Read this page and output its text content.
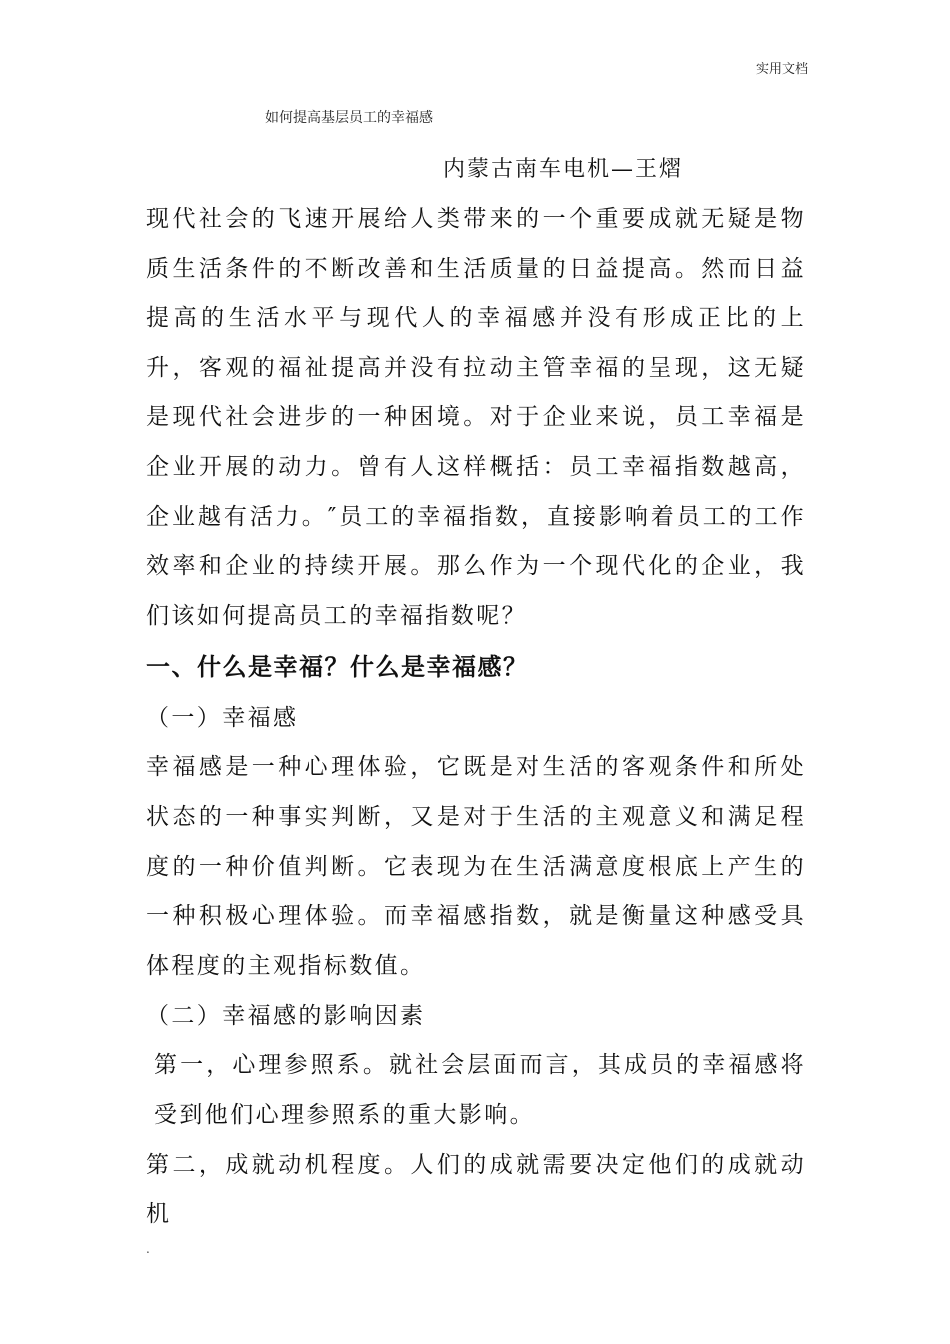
实用文档
如何提高基层员工的幸福感
内蒙古南车电机—王熠

现代社会的飞速开展给人类带来的一个重要成就无疑是物质生活条件的不断改善和生活质量的日益提高。然而日益提高的生活水平与现代人的幸福感并没有形成正比的上升，客观的福祉提高并没有拉动主管幸福的呈现，这无疑是现代社会进步的一种困境。对于企业来说，员工幸福是企业开展的动力。曾有人这样概括：员工幸福指数越高，企业越有活力。″员工的幸福指数，直接影响着员工的工作效率和企业的持续开展。那么作为一个现代化的企业，我们该如何提高员工的幸福指数呢？

一、什么是幸福？什么是幸福感？

（一）幸福感

幸福感是一种心理体验，它既是对生活的客观条件和所处状态的一种事实判断，又是对于生活的主观意义和满足程度的一种价值判断。它表现为在生活满意度根底上产生的一种积极心理体验。而幸福感指数，就是衡量这种感受具体程度的主观指标数值。

（二）幸福感的影响因素

第一，心理参照系。就社会层面而言，其成员的幸福感将受到他们心理参照系的重大影响。

第二，成就动机程度。人们的成就需要决定他们的成就动机

.
